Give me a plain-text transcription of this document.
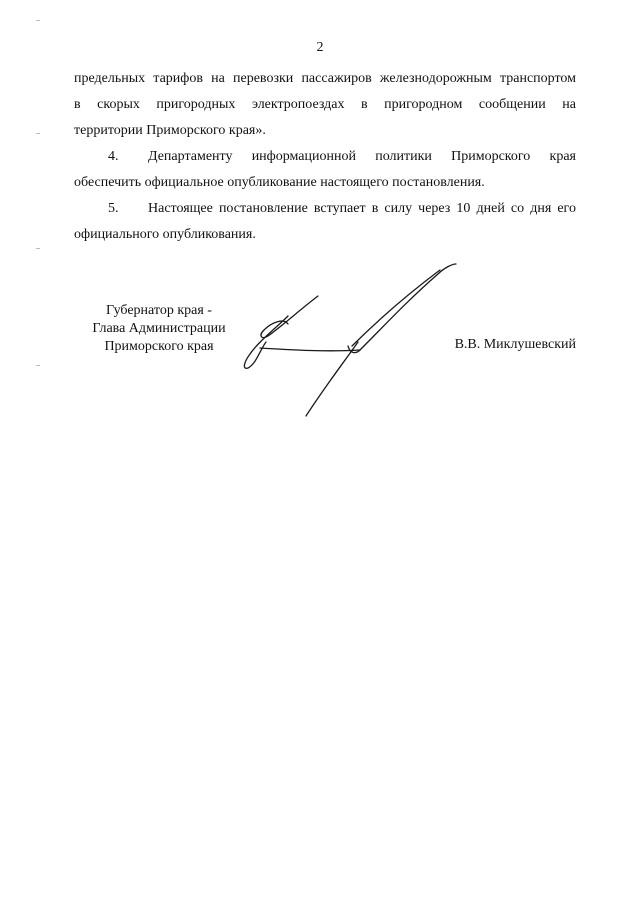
2
предельных тарифов на перевозки пассажиров железнодорожным транспортом
в скорых пригородных электропоездах в пригородном сообщении на
территории Приморского края».
4.	Департаменту информационной политики Приморского края
обеспечить официальное опубликование настоящего постановления.
5.	Настоящее постановление вступает в силу через 10 дней со дня его
официального опубликования.
Губернатор края -
Глава Администрации
Приморского края	В.В. Миклушевский
